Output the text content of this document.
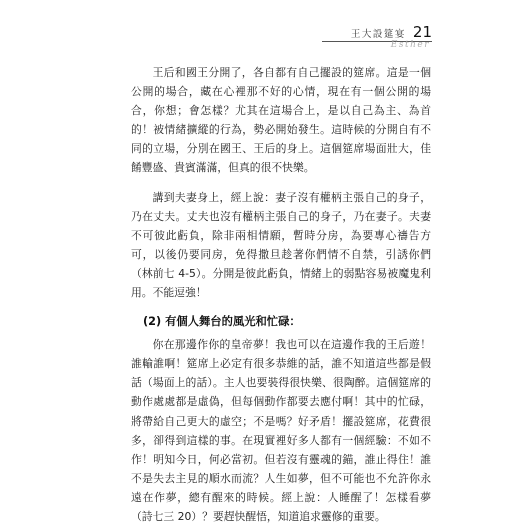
王大設筵宴 21
Esther

王后和國王分開了，各自都有自己擺設的筵席。這是一個公開的場合，藏在心裡那不好的心情，現在有一個公開的場合，你想；會怎樣？尤其在這場合上，是以自己為主、為首的！被情緒擴縱的行為，勢必開始發生。這時候的分開自有不同的立場，分別在國王、王后的身上。這個筵席場面壯大，佳餚豐盛、貴賓滿滿，但真的很不快樂。

講到夫妻身上，經上說：妻子沒有權柄主張自己的身子，乃在丈夫。丈夫也沒有權柄主張自己的身子，乃在妻子。夫妻不可彼此虧負，除非兩相情願，暫時分房，為要專心禱告方可，以後仍要同房，免得撒旦趁著你們情不自禁，引誘你們（林前七 4-5）。分開是彼此虧負，情緒上的弱點容易被魔鬼利用。不能逗強！

(2) 有個人舞台的風光和忙碌：

你在那邊作你的皇帝夢！我也可以在這邊作我的王后遊！誰輸誰啊！筵席上必定有很多恭維的話，誰不知道這些都是假話（場面上的話）。主人也要裝得很快樂、很陶醉。這個筵席的動作處處都是虛偽，但每個動作都要去應付啊！其中的忙碌，將帶給自己更大的虛空；不是嗎？好矛盾！擺設筵席，花費很多，卻得到這樣的事。在現實裡好多人都有一個經驗：不如不作！明知今日，何必當初。但若沒有靈魂的錨，誰止得住！誰不是失去主見的順水而流？人生如夢，但不可能也不允許你永遠在作夢，總有醒來的時候。經上說：人睡醒了！怎樣看夢（詩七三 20）？要趕快醒悟，知道追求靈修的重要。
